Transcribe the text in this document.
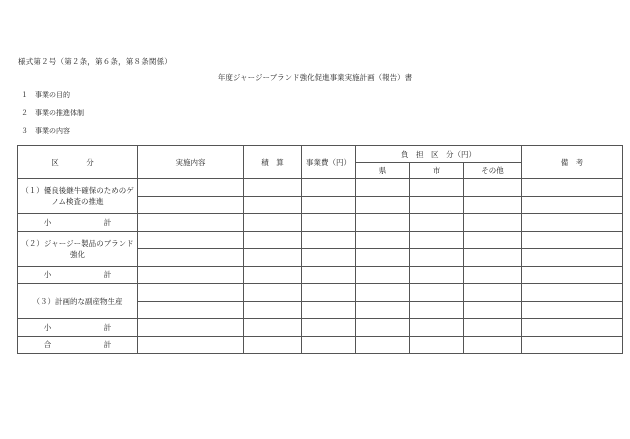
様式第２号（第２条，第６条，第８条関係）
年度ジャージーブランド強化促進事業実施計画（報告）書
１ 事業の目的
２ 事業の推進体制
３ 事業の内容
区　分	実施内容	積　算	事業費（円）	負　担　区　分（円）			備　考
				県	市	その他	
（１）優良後継牛確保のためのゲノム検査の推進							

小 計							
（２）ジャージー製品のブランド強化							

小 計							
（３）計画的な副産物生産							

小 計							
合 計							
